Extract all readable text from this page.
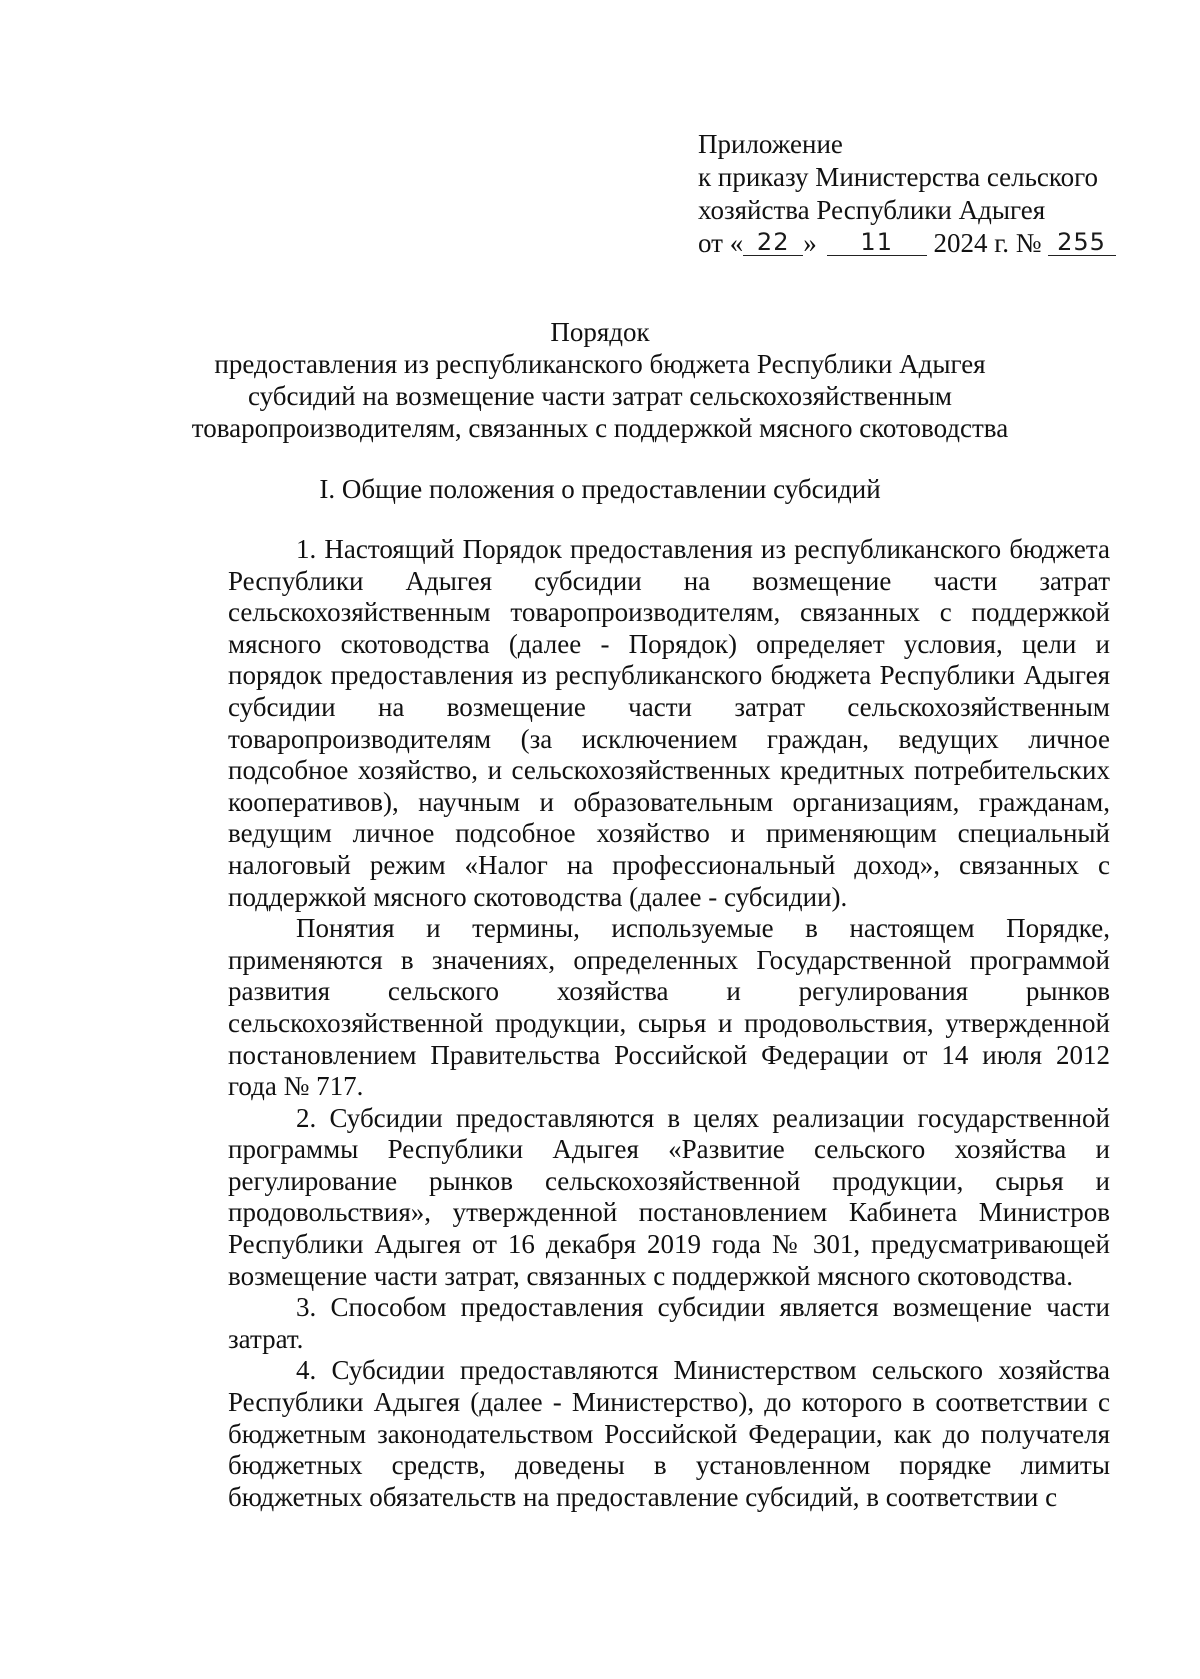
Приложение
к приказу Министерства сельского
хозяйства Республики Адыгея
от « 22 » 11 2024 г. № 255
Порядок
предоставления из республиканского бюджета Республики Адыгея
субсидий на возмещение части затрат сельскохозяйственным
товаропроизводителям, связанных с поддержкой мясного скотоводства
I. Общие положения о предоставлении субсидий

1. Настоящий Порядок предоставления из республиканского бюджета Республики Адыгея субсидии на возмещение части затрат сельскохозяйственным товаропроизводителям, связанных с поддержкой мясного скотоводства (далее - Порядок) определяет условия, цели и порядок предоставления из республиканского бюджета Республики Адыгея субсидии на возмещение части затрат сельскохозяйственным товаропроизводителям (за исключением граждан, ведущих личное подсобное хозяйство, и сельскохозяйственных кредитных потребительских кооперативов), научным и образовательным организациям, гражданам, ведущим личное подсобное хозяйство и применяющим специальный налоговый режим «Налог на профессиональный доход», связанных с поддержкой мясного скотоводства (далее - субсидии).

Понятия и термины, используемые в настоящем Порядке, применяются в значениях, определенных Государственной программой развития сельского хозяйства и регулирования рынков сельскохозяйственной продукции, сырья и продовольствия, утвержденной постановлением Правительства Российской Федерации от 14 июля 2012 года № 717.

2. Субсидии предоставляются в целях реализации государственной программы Республики Адыгея «Развитие сельского хозяйства и регулирование рынков сельскохозяйственной продукции, сырья и продовольствия», утвержденной постановлением Кабинета Министров Республики Адыгея от 16 декабря 2019 года № 301, предусматривающей возмещение части затрат, связанных с поддержкой мясного скотоводства.

3. Способом предоставления субсидии является возмещение части затрат.

4. Субсидии предоставляются Министерством сельского хозяйства Республики Адыгея (далее - Министерство), до которого в соответствии с бюджетным законодательством Российской Федерации, как до получателя бюджетных средств, доведены в установленном порядке лимиты бюджетных обязательств на предоставление субсидий, в соответствии с
